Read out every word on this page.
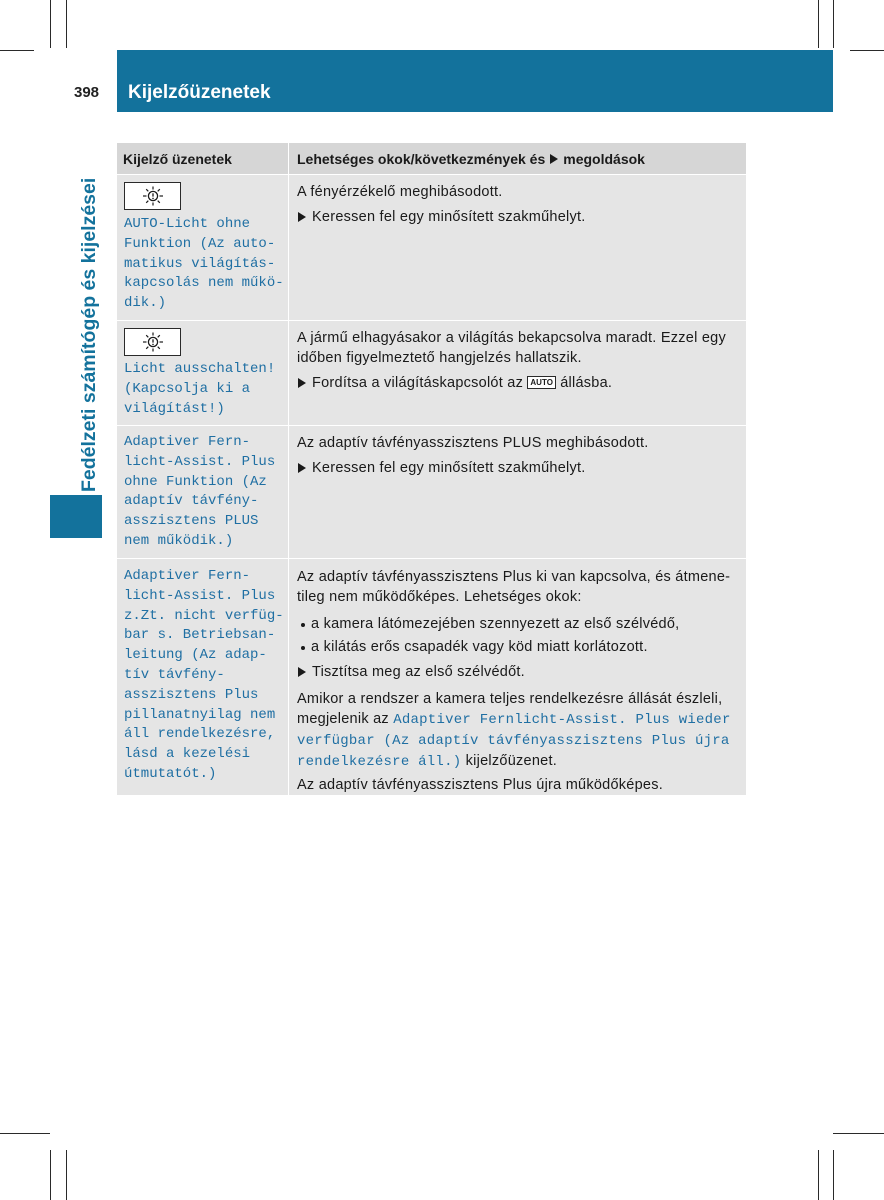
398 Kijelzőüzenetek
Fedélzeti számítógép és kijelzései
Kijelző üzenetek	Lehetséges okok/következmények és megoldások
AUTO-Licht ohne
Funktion (Az auto-
matikus világítás-
kapcsolás nem műkö-
dik.)
A fényérzékelő meghibásodott.
Keressen fel egy minősített szakműhelyt.
Licht ausschalten!
(Kapcsolja ki a
világítást!)
A jármű elhagyásakor a világítás bekapcsolva maradt. Ezzel egy
időben figyelmeztető hangjelzés hallatszik.
Fordítsa a világításkapcsolót az AUTO állásba.
Adaptiver Fern-
licht-Assist. Plus
ohne Funktion (Az
adaptív távfény-
asszisztens PLUS
nem működik.)
Az adaptív távfényasszisztens PLUS meghibásodott.
Keressen fel egy minősített szakműhelyt.
Adaptiver Fern-
licht-Assist. Plus
z.Zt. nicht verfüg-
bar s. Betriebsan-
leitung (Az adap-
tív távfény-
asszisztens Plus
pillanatnyilag nem
áll rendelkezésre,
lásd a kezelési
útmutatót.)
Az adaptív távfényasszisztens Plus ki van kapcsolva, és átmene-
tileg nem működőképes. Lehetséges okok:
a kamera látómezejében szennyezett az első szélvédő,
a kilátás erős csapadék vagy köd miatt korlátozott.
Tisztítsa meg az első szélvédőt.
Amikor a rendszer a kamera teljes rendelkezésre állását észleli,
megjelenik az Adaptiver Fernlicht-Assist. Plus wieder
verfügbar (Az adaptív távfényasszisztens Plus újra
rendelkezésre áll.) kijelzőüzenet.
Az adaptív távfényasszisztens Plus újra működőképes.
